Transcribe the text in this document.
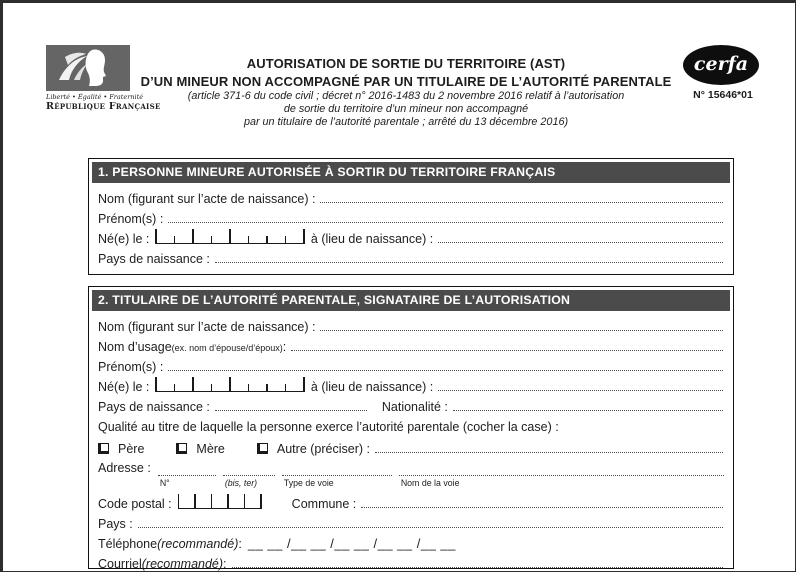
Liberté • Égalité • Fraternité
République Française
AUTORISATION DE SORTIE DU TERRITOIRE (AST)
D’UN MINEUR NON ACCOMPAGNÉ PAR UN TITULAIRE DE L’AUTORITÉ PARENTALE
(article 371-6 du code civil ; décret n° 2016-1483 du 2 novembre 2016 relatif à l’autorisation
de sortie du territoire d’un mineur non accompagné
par un titulaire de l’autorité parentale ; arrêté du 13 décembre 2016)
cerfa
N° 15646*01
1. PERSONNE MINEURE AUTORISÉE À SORTIR DU TERRITOIRE FRANÇAIS
Nom (figurant sur l’acte de naissance) :
Prénom(s) :
Né(e) le :	à (lieu de naissance) :
Pays de naissance :
2. TITULAIRE DE L’AUTORITÉ PARENTALE, SIGNATAIRE DE L’AUTORISATION
Nom (figurant sur l’acte de naissance) :
Nom d’usage (ex. nom d’épouse/d’époux) :
Prénom(s) :
Né(e) le :	à (lieu de naissance) :
Pays de naissance :	Nationalité :
Qualité au titre de laquelle la personne exerce l’autorité parentale (cocher la case) :
Père	Mère	Autre (préciser) :
Adresse :
N°	(bis, ter)	Type de voie	Nom de la voie
Code postal :	Commune :
Pays :
Téléphone (recommandé) : __ __ /__ __ /__ __ /__ __ /__ __
Courriel (recommandé) :
